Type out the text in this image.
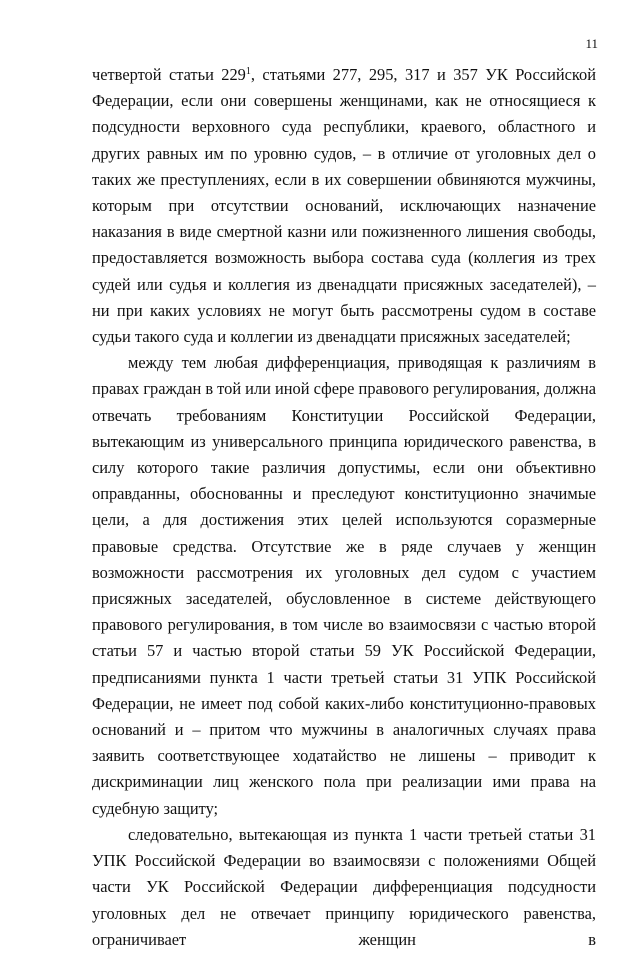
11

четвертой статьи $229^1$, статьями 277, 295, 317 и 357 УК Российской Федерации, если они совершены женщинами, как не относящиеся к подсудности верховного суда республики, краевого, областного и других равных им по уровню судов, – в отличие от уголовных дел о таких же преступлениях, если в их совершении обвиняются мужчины, которым при отсутствии оснований, исключающих назначение наказания в виде смертной казни или пожизненного лишения свободы, предоставляется возможность выбора состава суда (коллегия из трех судей или судья и коллегия из двенадцати присяжных заседателей), – ни при каких условиях не могут быть рассмотрены судом в составе судьи такого суда и коллегии из двенадцати присяжных заседателей;

между тем любая дифференциация, приводящая к различиям в правах граждан в той или иной сфере правового регулирования, должна отвечать требованиям Конституции Российской Федерации, вытекающим из универсального принципа юридического равенства, в силу которого такие различия допустимы, если они объективно оправданны, обоснованны и преследуют конституционно значимые цели, а для достижения этих целей используются соразмерные правовые средства. Отсутствие же в ряде случаев у женщин возможности рассмотрения их уголовных дел судом с участием присяжных заседателей, обусловленное в системе действующего правового регулирования, в том числе во взаимосвязи с частью второй статьи 57 и частью второй статьи 59 УК Российской Федерации, предписаниями пункта 1 части третьей статьи 31 УПК Российской Федерации, не имеет под собой каких-либо конституционно-правовых оснований и – притом что мужчины в аналогичных случаях права заявить соответствующее ходатайство не лишены – приводит к дискриминации лиц женского пола при реализации ими права на судебную защиту;

следовательно, вытекающая из пункта 1 части третьей статьи 31 УПК Российской Федерации во взаимосвязи с положениями Общей части УК Российской Федерации дифференциация подсудности уголовных дел не отвечает принципу юридического равенства, ограничивает женщин в
